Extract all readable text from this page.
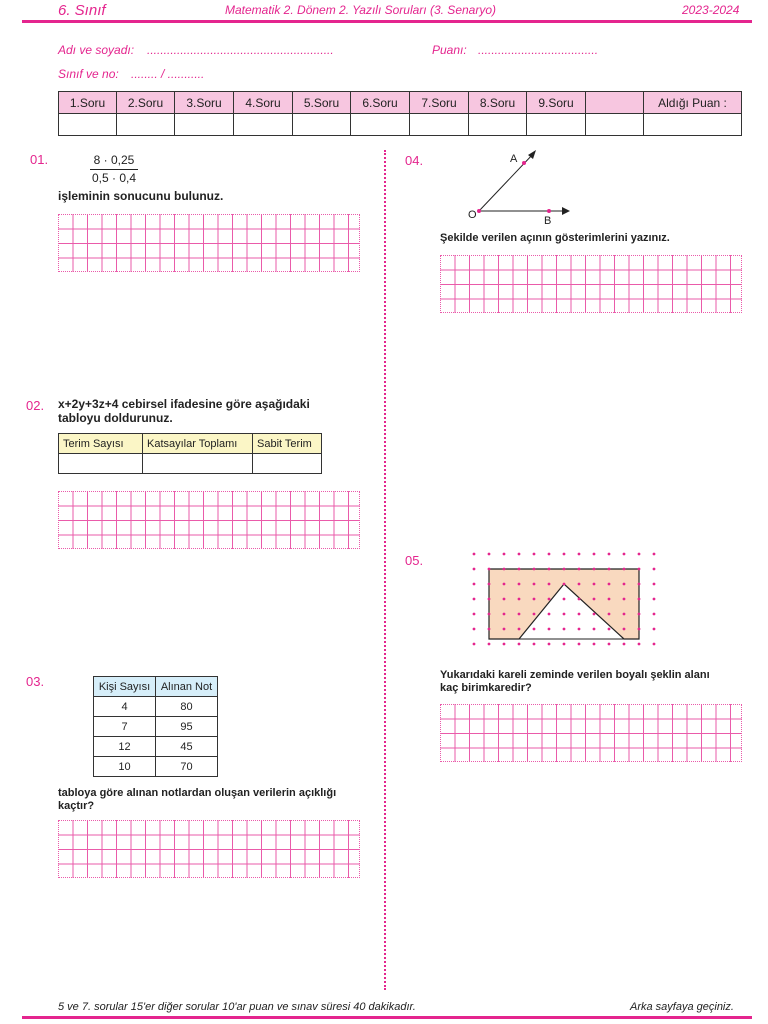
6. Sınıf	Matematik 2. Dönem 2. Yazılı Soruları (3. Senaryo)	2023-2024
Adı ve soyadı: ........................................................	Puanı: ....................................
Sınıf ve no: ........ / ...........
1.Soru	2.Soru	3.Soru	4.Soru	5.Soru	6.Soru	7.Soru	8.Soru	9.Soru		Aldığı Puan :

01.	8 · 0,25
0,5 · 0,4
işleminin sonucunu bulunuz.
02. x+2y+3z+4 cebirsel ifadesine göre aşağıdaki
tabloyu doldurunuz.
Terim Sayısı	Katsayılar Toplamı	Sabit Terim

03.	Kişi Sayısı	Alınan Not
4	80
7	95
12	45
10	70
tabloya göre alınan notlardan oluşan verilerin açıklığı
kaçtır?
04.	A
O	B
Şekilde verilen açının gösterimlerini yazınız.
05.
Yukarıdaki kareli zeminde verilen boyalı şeklin alanı
kaç birimkaredir?
5 ve 7. sorular 15'er diğer sorular 10'ar puan ve sınav süresi 40 dakikadır.	Arka sayfaya geçiniz.
